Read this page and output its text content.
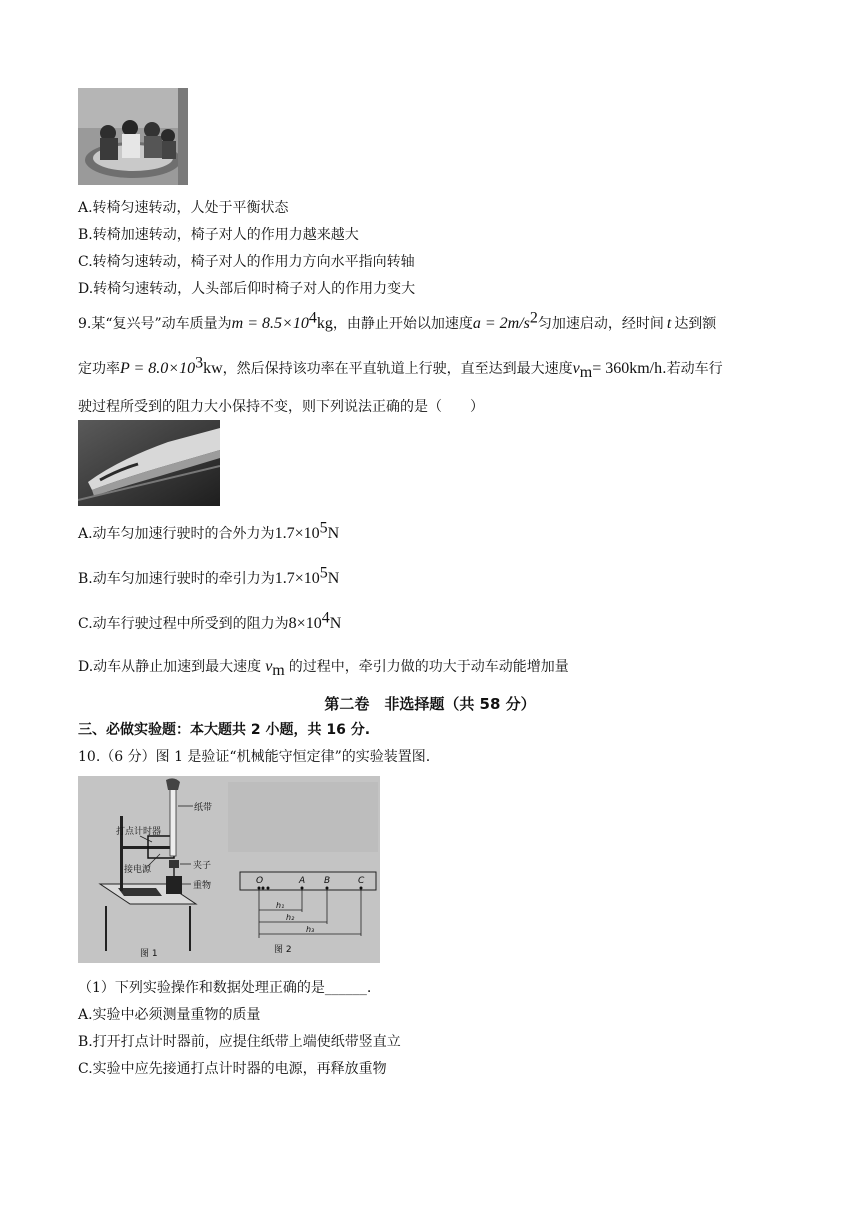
A.转椅匀速转动，人处于平衡状态
B.转椅加速转动，椅子对人的作用力越来越大
C.转椅匀速转动，椅子对人的作用力方向水平指向转轴
D.转椅匀速转动，人头部后仰时椅子对人的作用力变大
9.某“复兴号”动车质量为$m = 8.5\times 10^4kg$，由静止开始以加速度$a = 2m/s^2$匀加速启动，经时间 t 达到额
定功率$P = 8.0\times 10^3kw$，然后保持该功率在平直轨道上行驶，直至达到最大速度$v_m= 360km/h$.若动车行
驶过程所受到的阻力大小保持不变，则下列说法正确的是（　　）
A.动车匀加速行驶时的合外力为$1.7\times 10^5N$
B.动车匀加速行驶时的牵引力为$1.7\times 10^5N$
C.动车行驶过程中所受到的阻力为$8\times 10^4N$
D.动车从静止加速到最大速度 $v_m$ 的过程中，牵引力做的功大于动车动能增加量
第二卷　非选择题（共 58 分）
三、必做实验题：本大题共 2 小题，共 16 分.
10.（6 分）图 1 是验证“机械能守恒定律”的实验装置图.
纸带
打点计时器
接电源	夹子
重物
图 1
O	A B	C
h₁
h₂
h₃
图 2
（1）下列实验操作和数据处理正确的是______.
A.实验中必须测量重物的质量
B.打开打点计时器前，应提住纸带上端使纸带竖直立
C.实验中应先接通打点计时器的电源，再释放重物
